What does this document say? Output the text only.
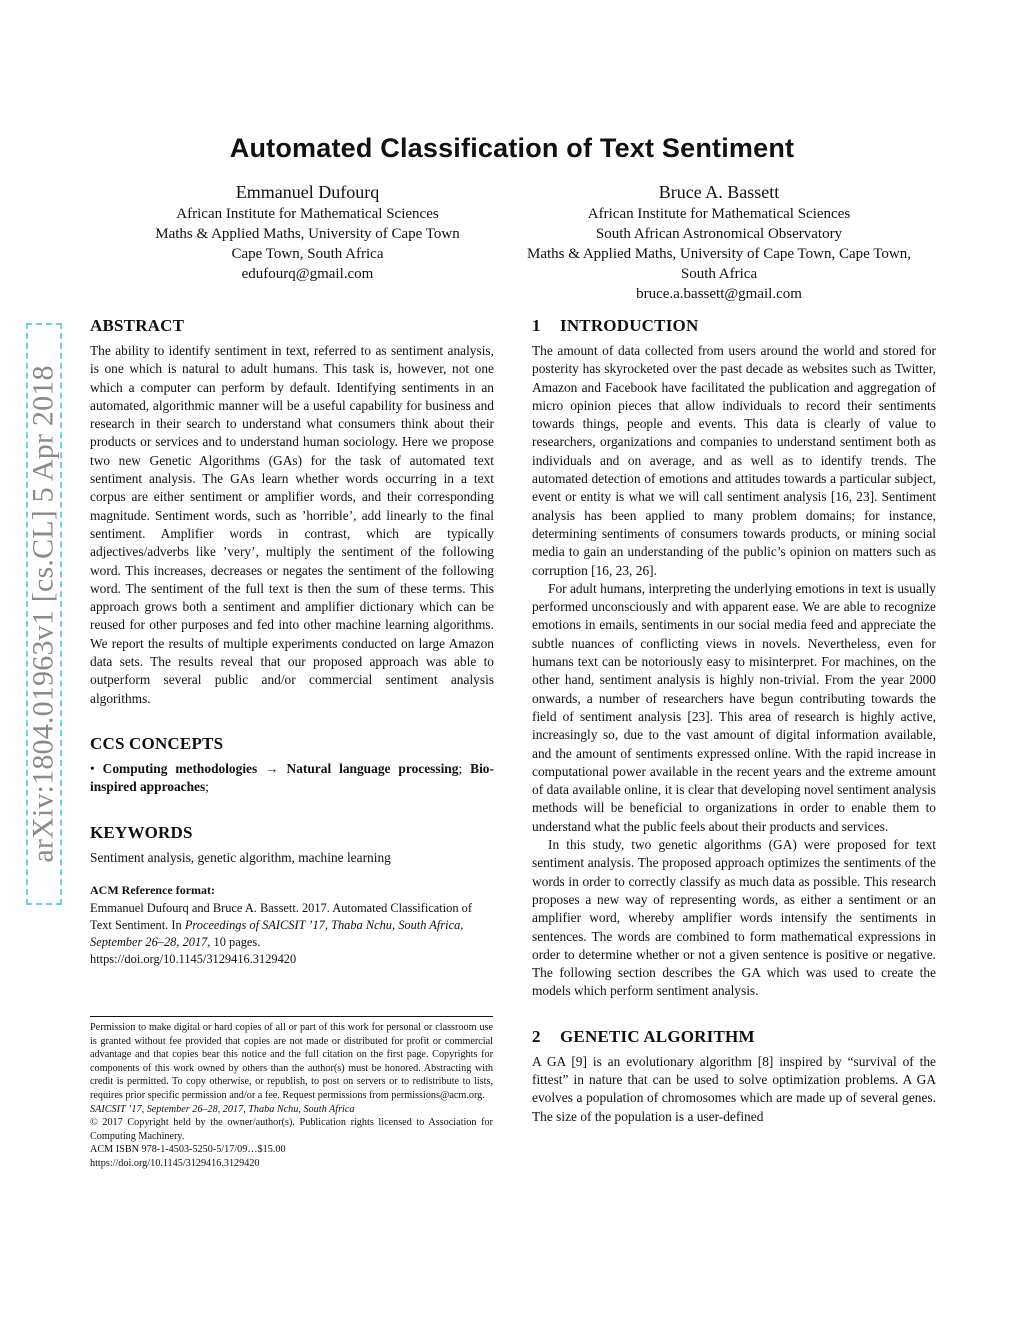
arXiv:1804.01963v1 [cs.CL] 5 Apr 2018
Automated Classification of Text Sentiment
Emmanuel Dufourq
African Institute for Mathematical Sciences
Maths & Applied Maths, University of Cape Town
Cape Town, South Africa
edufourq@gmail.com
Bruce A. Bassett
African Institute for Mathematical Sciences
South African Astronomical Observatory
Maths & Applied Maths, University of Cape Town, Cape Town, South Africa
bruce.a.bassett@gmail.com
ABSTRACT

The ability to identify sentiment in text, referred to as sentiment analysis, is one which is natural to adult humans. This task is, however, not one which a computer can perform by default. Identifying sentiments in an automated, algorithmic manner will be a useful capability for business and research in their search to understand what consumers think about their products or services and to understand human sociology. Here we propose two new Genetic Algorithms (GAs) for the task of automated text sentiment analysis. The GAs learn whether words occurring in a text corpus are either sentiment or amplifier words, and their corresponding magnitude. Sentiment words, such as ’horrible’, add linearly to the final sentiment. Amplifier words in contrast, which are typically adjectives/adverbs like ’very’, multiply the sentiment of the following word. This increases, decreases or negates the sentiment of the following word. The sentiment of the full text is then the sum of these terms. This approach grows both a sentiment and amplifier dictionary which can be reused for other purposes and fed into other machine learning algorithms. We report the results of multiple experiments conducted on large Amazon data sets. The results reveal that our proposed approach was able to outperform several public and/or commercial sentiment analysis algorithms.

CCS CONCEPTS
• Computing methodologies → Natural language processing; Bio-inspired approaches;
KEYWORDS

Sentiment analysis, genetic algorithm, machine learning

ACM Reference format:
Emmanuel Dufourq and Bruce A. Bassett. 2017. Automated Classification of Text Sentiment. In Proceedings of SAICSIT ’17, Thaba Nchu, South Africa, September 26–28, 2017, 10 pages.
https://doi.org/10.1145/3129416.3129420
Permission to make digital or hard copies of all or part of this work for personal or classroom use is granted without fee provided that copies are not made or distributed for profit or commercial advantage and that copies bear this notice and the full citation on the first page. Copyrights for components of this work owned by others than the author(s) must be honored. Abstracting with credit is permitted. To copy otherwise, or republish, to post on servers or to redistribute to lists, requires prior specific permission and/or a fee. Request permissions from permissions@acm.org.
SAICSIT ’17, September 26–28, 2017, Thaba Nchu, South Africa
© 2017 Copyright held by the owner/author(s). Publication rights licensed to Association for Computing Machinery.
ACM ISBN 978-1-4503-5250-5/17/09…$15.00
https://doi.org/10.1145/3129416.3129420
1 INTRODUCTION

The amount of data collected from users around the world and stored for posterity has skyrocketed over the past decade as websites such as Twitter, Amazon and Facebook have facilitated the publication and aggregation of micro opinion pieces that allow individuals to record their sentiments towards things, people and events. This data is clearly of value to researchers, organizations and companies to understand sentiment both as individuals and on average, and as well as to identify trends. The automated detection of emotions and attitudes towards a particular subject, event or entity is what we will call sentiment analysis [16, 23]. Sentiment analysis has been applied to many problem domains; for instance, determining sentiments of consumers towards products, or mining social media to gain an understanding of the public’s opinion on matters such as corruption [16, 23, 26].

For adult humans, interpreting the underlying emotions in text is usually performed unconsciously and with apparent ease. We are able to recognize emotions in emails, sentiments in our social media feed and appreciate the subtle nuances of conflicting views in novels. Nevertheless, even for humans text can be notoriously easy to misinterpret. For machines, on the other hand, sentiment analysis is highly non-trivial. From the year 2000 onwards, a number of researchers have begun contributing towards the field of sentiment analysis [23]. This area of research is highly active, increasingly so, due to the vast amount of digital information available, and the amount of sentiments expressed online. With the rapid increase in computational power available in the recent years and the extreme amount of data available online, it is clear that developing novel sentiment analysis methods will be beneficial to organizations in order to enable them to understand what the public feels about their products and services.

In this study, two genetic algorithms (GA) were proposed for text sentiment analysis. The proposed approach optimizes the sentiments of the words in order to correctly classify as much data as possible. This research proposes a new way of representing words, as either a sentiment or an amplifier word, whereby amplifier words intensify the sentiments in sentences. The words are combined to form mathematical expressions in order to determine whether or not a given sentence is positive or negative. The following section describes the GA which was used to create the models which perform sentiment analysis.

2 GENETIC ALGORITHM

A GA [9] is an evolutionary algorithm [8] inspired by “survival of the fittest” in nature that can be used to solve optimization problems. A GA evolves a population of chromosomes which are made up of several genes. The size of the population is a user-defined
